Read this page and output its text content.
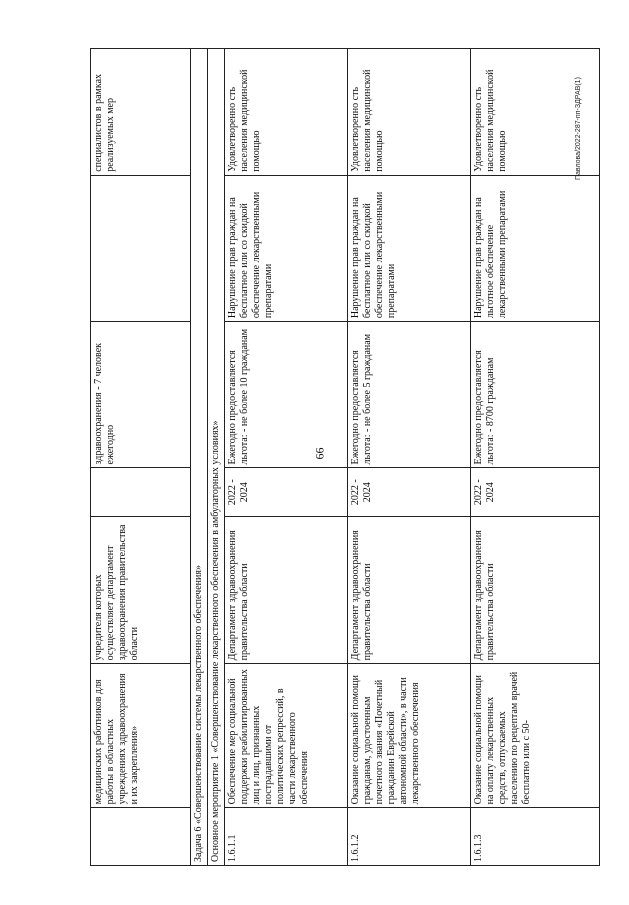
66
Павлова/2022-287-пп-ЗДРАВ(1)
	медицинских работников для работы в областных учреждениях здравоохранения и их закрепления»	учредителя которых осуществляет департамент здравоохранения правительства области		здравоохранения - 7 человек ежегодно		специалистов в рамках реализуемых мер
Задача 6 «Совершенствование системы лекарственного обеспечения»						
Основное мероприятие 1 «Совершенствование лекарственного обеспечения в амбулаторных условиях»						
1.6.1.1	Обеспечение мер социальной поддержки реабилитированных лиц и лиц, признанных пострадавшими от политических репрессий, в части лекарственного обеспечения	Департамент здравоохранения правительства области	2022 - 2024	Ежегодно предоставляется льгота: - не более 10 гражданам	Нарушение прав граждан на бесплатное или со скидкой обеспечение лекарственными препаратами	Удовлетворенно сть населения медицинской помощью
1.6.1.2	Оказание социальной помощи гражданам, удостоенным почетного звания «Почетный гражданин Еврейской автономной области», в части лекарственного обеспечения	Департамент здравоохранения правительства области	2022 - 2024	Ежегодно предоставляется льгота: - не более 5 гражданам	Нарушение прав граждан на бесплатное или со скидкой обеспечение лекарственными препаратами	Удовлетворенно сть населения медицинской помощью
1.6.1.3	Оказание социальной помощи на оплату лекарственных средств, отпускаемых населению по рецептам врачей бесплатно или с 50-	Департамент здравоохранения правительства области	2022 - 2024	Ежегодно предоставляется льгота: - 8700 гражданам	Нарушение прав граждан на льготное обеспечение лекарственными препаратами	Удовлетворенно сть населения медицинской помощью
